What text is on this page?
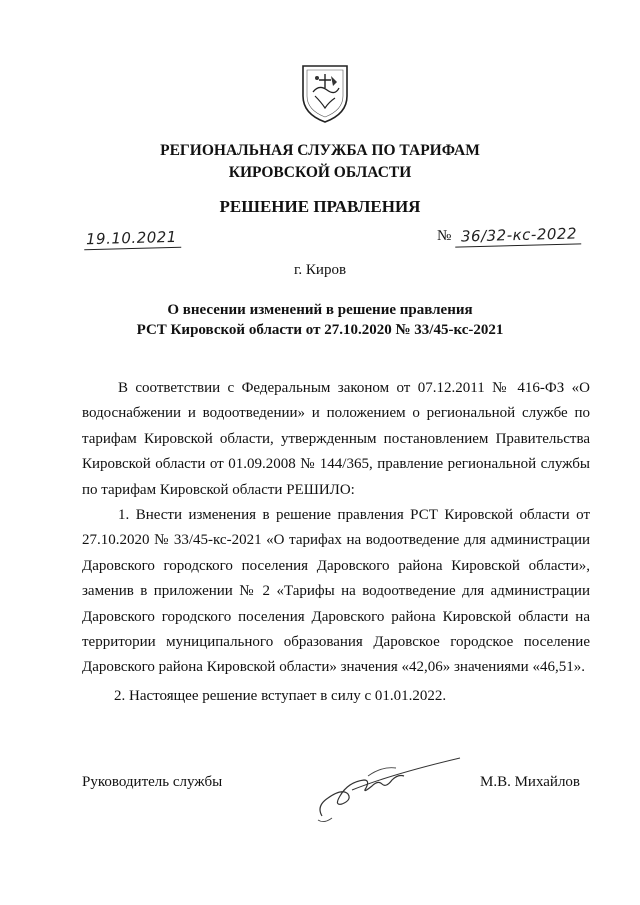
РЕГИОНАЛЬНАЯ СЛУЖБА ПО ТАРИФАМ
КИРОВСКОЙ ОБЛАСТИ
РЕШЕНИЕ ПРАВЛЕНИЯ
19.10.2021	№ 36/32-кс-2022
г. Киров
О внесении изменений в решение правления
РСТ Кировской области от 27.10.2020 № 33/45-кс-2021

В соответствии с Федеральным законом от 07.12.2011 № 416-ФЗ «О водоснабжении и водоотведении» и положением о региональной службе по тарифам Кировской области, утвержденным постановлением Правительства Кировской области от 01.09.2008 № 144/365, правление региональной службы по тарифам Кировской области РЕШИЛО:

1. Внести изменения в решение правления РСТ Кировской области от 27.10.2020 № 33/45-кс-2021 «О тарифах на водоотведение для администрации Даровского городского поселения Даровского района Кировской области», заменив в приложении № 2 «Тарифы на водоотведение для администрации Даровского городского поселения Даровского района Кировской области на территории муниципального образования Даровское городское поселение Даровского района Кировской области» значения «42,06» значениями «46,51».

2. Настоящее решение вступает в силу с 01.01.2022.

Руководитель службы	М.В. Михайлов
